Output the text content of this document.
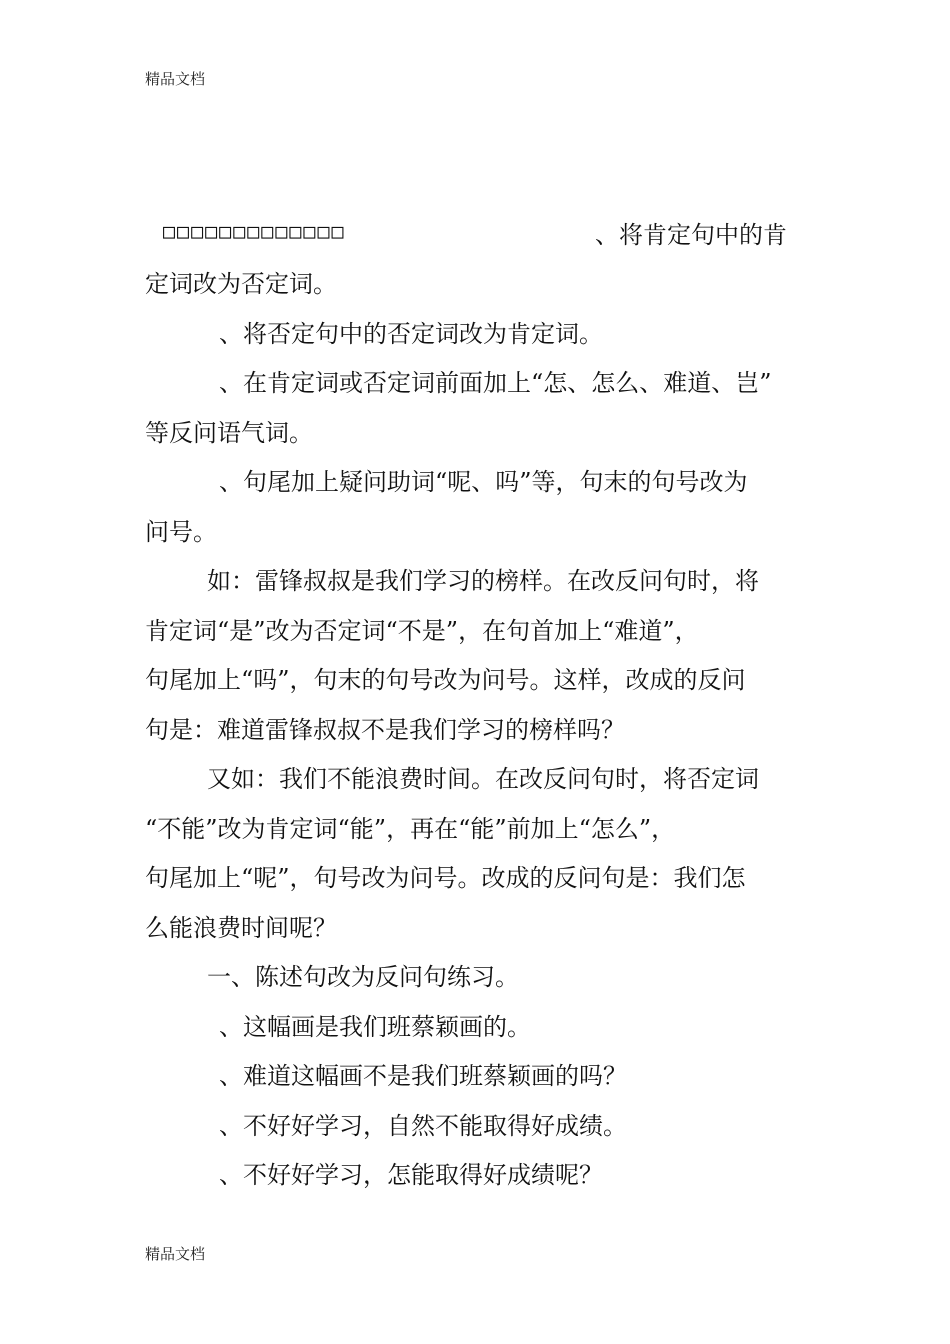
精品文档
□□□□□□□□□□□□□	、将肯定句中的肯
定词改为否定词。
、将否定句中的否定词改为肯定词。
、在肯定词或否定词前面加上“怎、怎么、难道、岂”
等反问语气词。
、句尾加上疑问助词“呢、吗”等，句末的句号改为
问号。
如：雷锋叔叔是我们学习的榜样。在改反问句时，将
肯定词“是”改为否定词“不是”，在句首加上“难道”，
句尾加上“吗”，句末的句号改为问号。这样，改成的反问
句是：难道雷锋叔叔不是我们学习的榜样吗？
又如：我们不能浪费时间。在改反问句时，将否定词
“不能”改为肯定词“能”，再在“能”前加上“怎么”，
句尾加上“呢”，句号改为问号。改成的反问句是：我们怎
么能浪费时间呢？
一、陈述句改为反问句练习。
、这幅画是我们班蔡颖画的。
、难道这幅画不是我们班蔡颖画的吗？
、不好好学习，自然不能取得好成绩。
、不好好学习，怎能取得好成绩呢？
精品文档
